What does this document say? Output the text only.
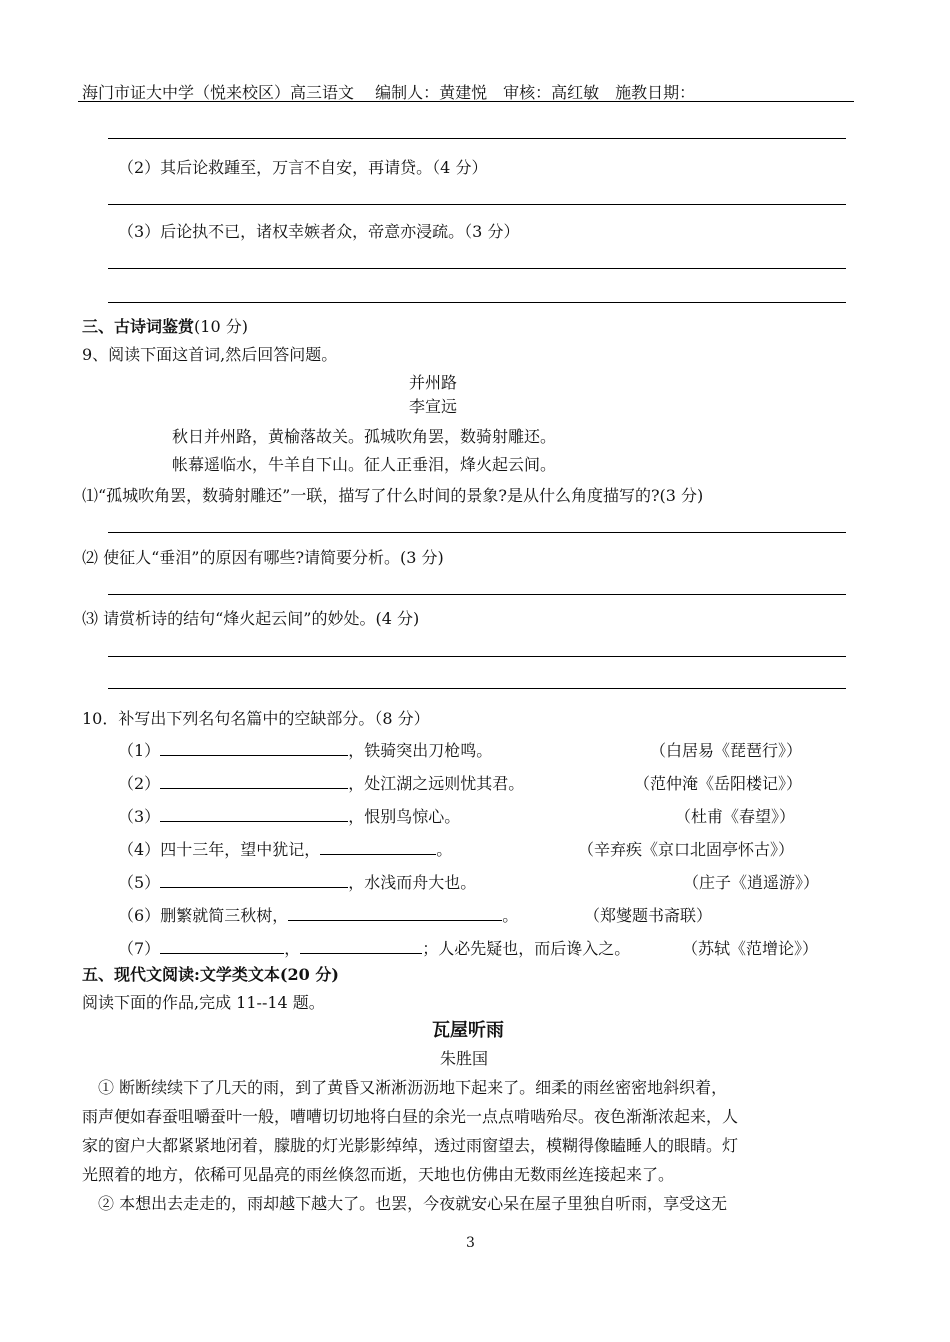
海门市证大中学（悦来校区）高三语文　 编制人：黄建悦　审核：高红敏　施教日期：
（2）其后论救踵至，万言不自安，再请贷。（4 分）
（3）后论执不已，诸权幸嫉者众，帝意亦浸疏。（3 分）
三、古诗词鉴赏(10 分)
9、阅读下面这首词,然后回答问题。
并州路
李宣远
秋日并州路，黄榆落故关。孤城吹角罢，数骑射雕还。
帐幕遥临水，牛羊自下山。征人正垂泪，烽火起云间。
⑴“孤城吹角罢，数骑射雕还”一联，描写了什么时间的景象?是从什么角度描写的?(3 分)
⑵ 使征人“垂泪”的原因有哪些?请简要分析。(3 分)
⑶ 请赏析诗的结句“烽火起云间”的妙处。(4 分)
10．补写出下列名句名篇中的空缺部分。（8 分）
（1）	，铁骑突出刀枪鸣。	（白居易《琵琶行》）
（2）	，处江湖之远则忧其君。	（范仲淹《岳阳楼记》）
（3）	，恨别鸟惊心。	（杜甫《春望》）
（4）四十三年，望中犹记，	。	（辛弃疾《京口北固亭怀古》）
（5）	，水浅而舟大也。	（庄子《逍遥游》）
（6）删繁就简三秋树，	。	（郑燮题书斋联）
（7）	，	；人必先疑也，而后谗入之。	（苏轼《范增论》）
五、现代文阅读:文学类文本(20 分)
阅读下面的作品,完成 11--14 题。
瓦屋听雨
朱胜国
　① 断断续续下了几天的雨，到了黄昏又淅淅沥沥地下起来了。细柔的雨丝密密地斜织着，
雨声便如春蚕咀嚼蚕叶一般，嘈嘈切切地将白昼的余光一点点啃啮殆尽。夜色渐渐浓起来，人
家的窗户大都紧紧地闭着，朦胧的灯光影影绰绰，透过雨窗望去，模糊得像瞌睡人的眼睛。灯
光照着的地方，依稀可见晶亮的雨丝倏忽而逝，天地也仿佛由无数雨丝连接起来了。
　② 本想出去走走的，雨却越下越大了。也罢，今夜就安心呆在屋子里独自听雨，享受这无
3
